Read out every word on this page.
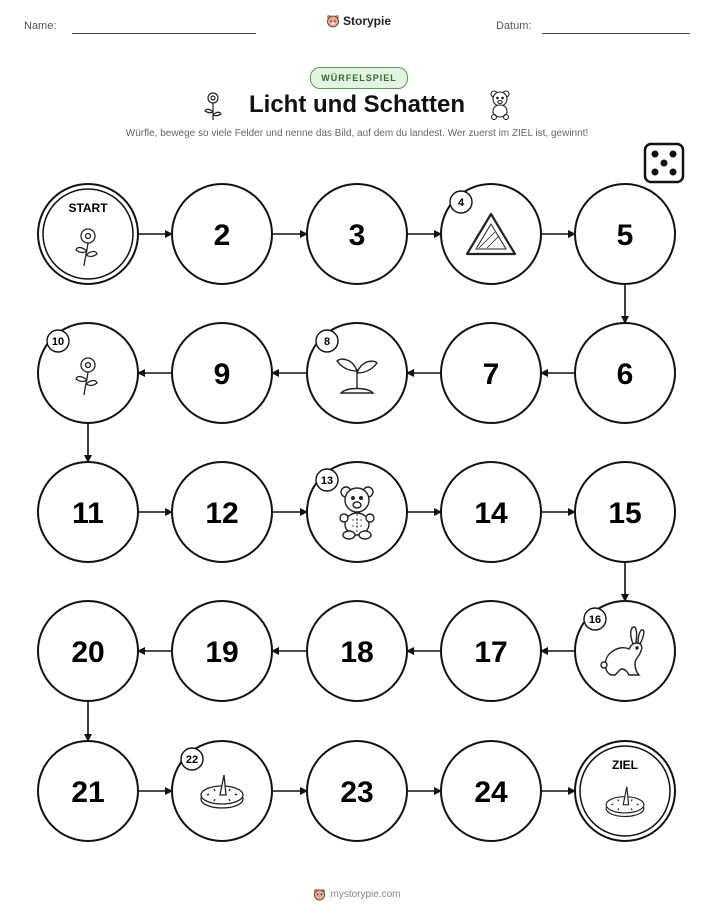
Name:	Storypie	Datum:
WÜRFELSPIEL
Licht und Schatten
Würfle, bewege so viele Felder und nenne das Bild, auf dem du landest. Wer zuerst im ZIEL ist, gewinnt!
START
2	3
4
5
6
7
8
9
10
11	12
13
14	15
16
17
18
19
20
21
22
23	24
ZIEL
mystorypie.com
